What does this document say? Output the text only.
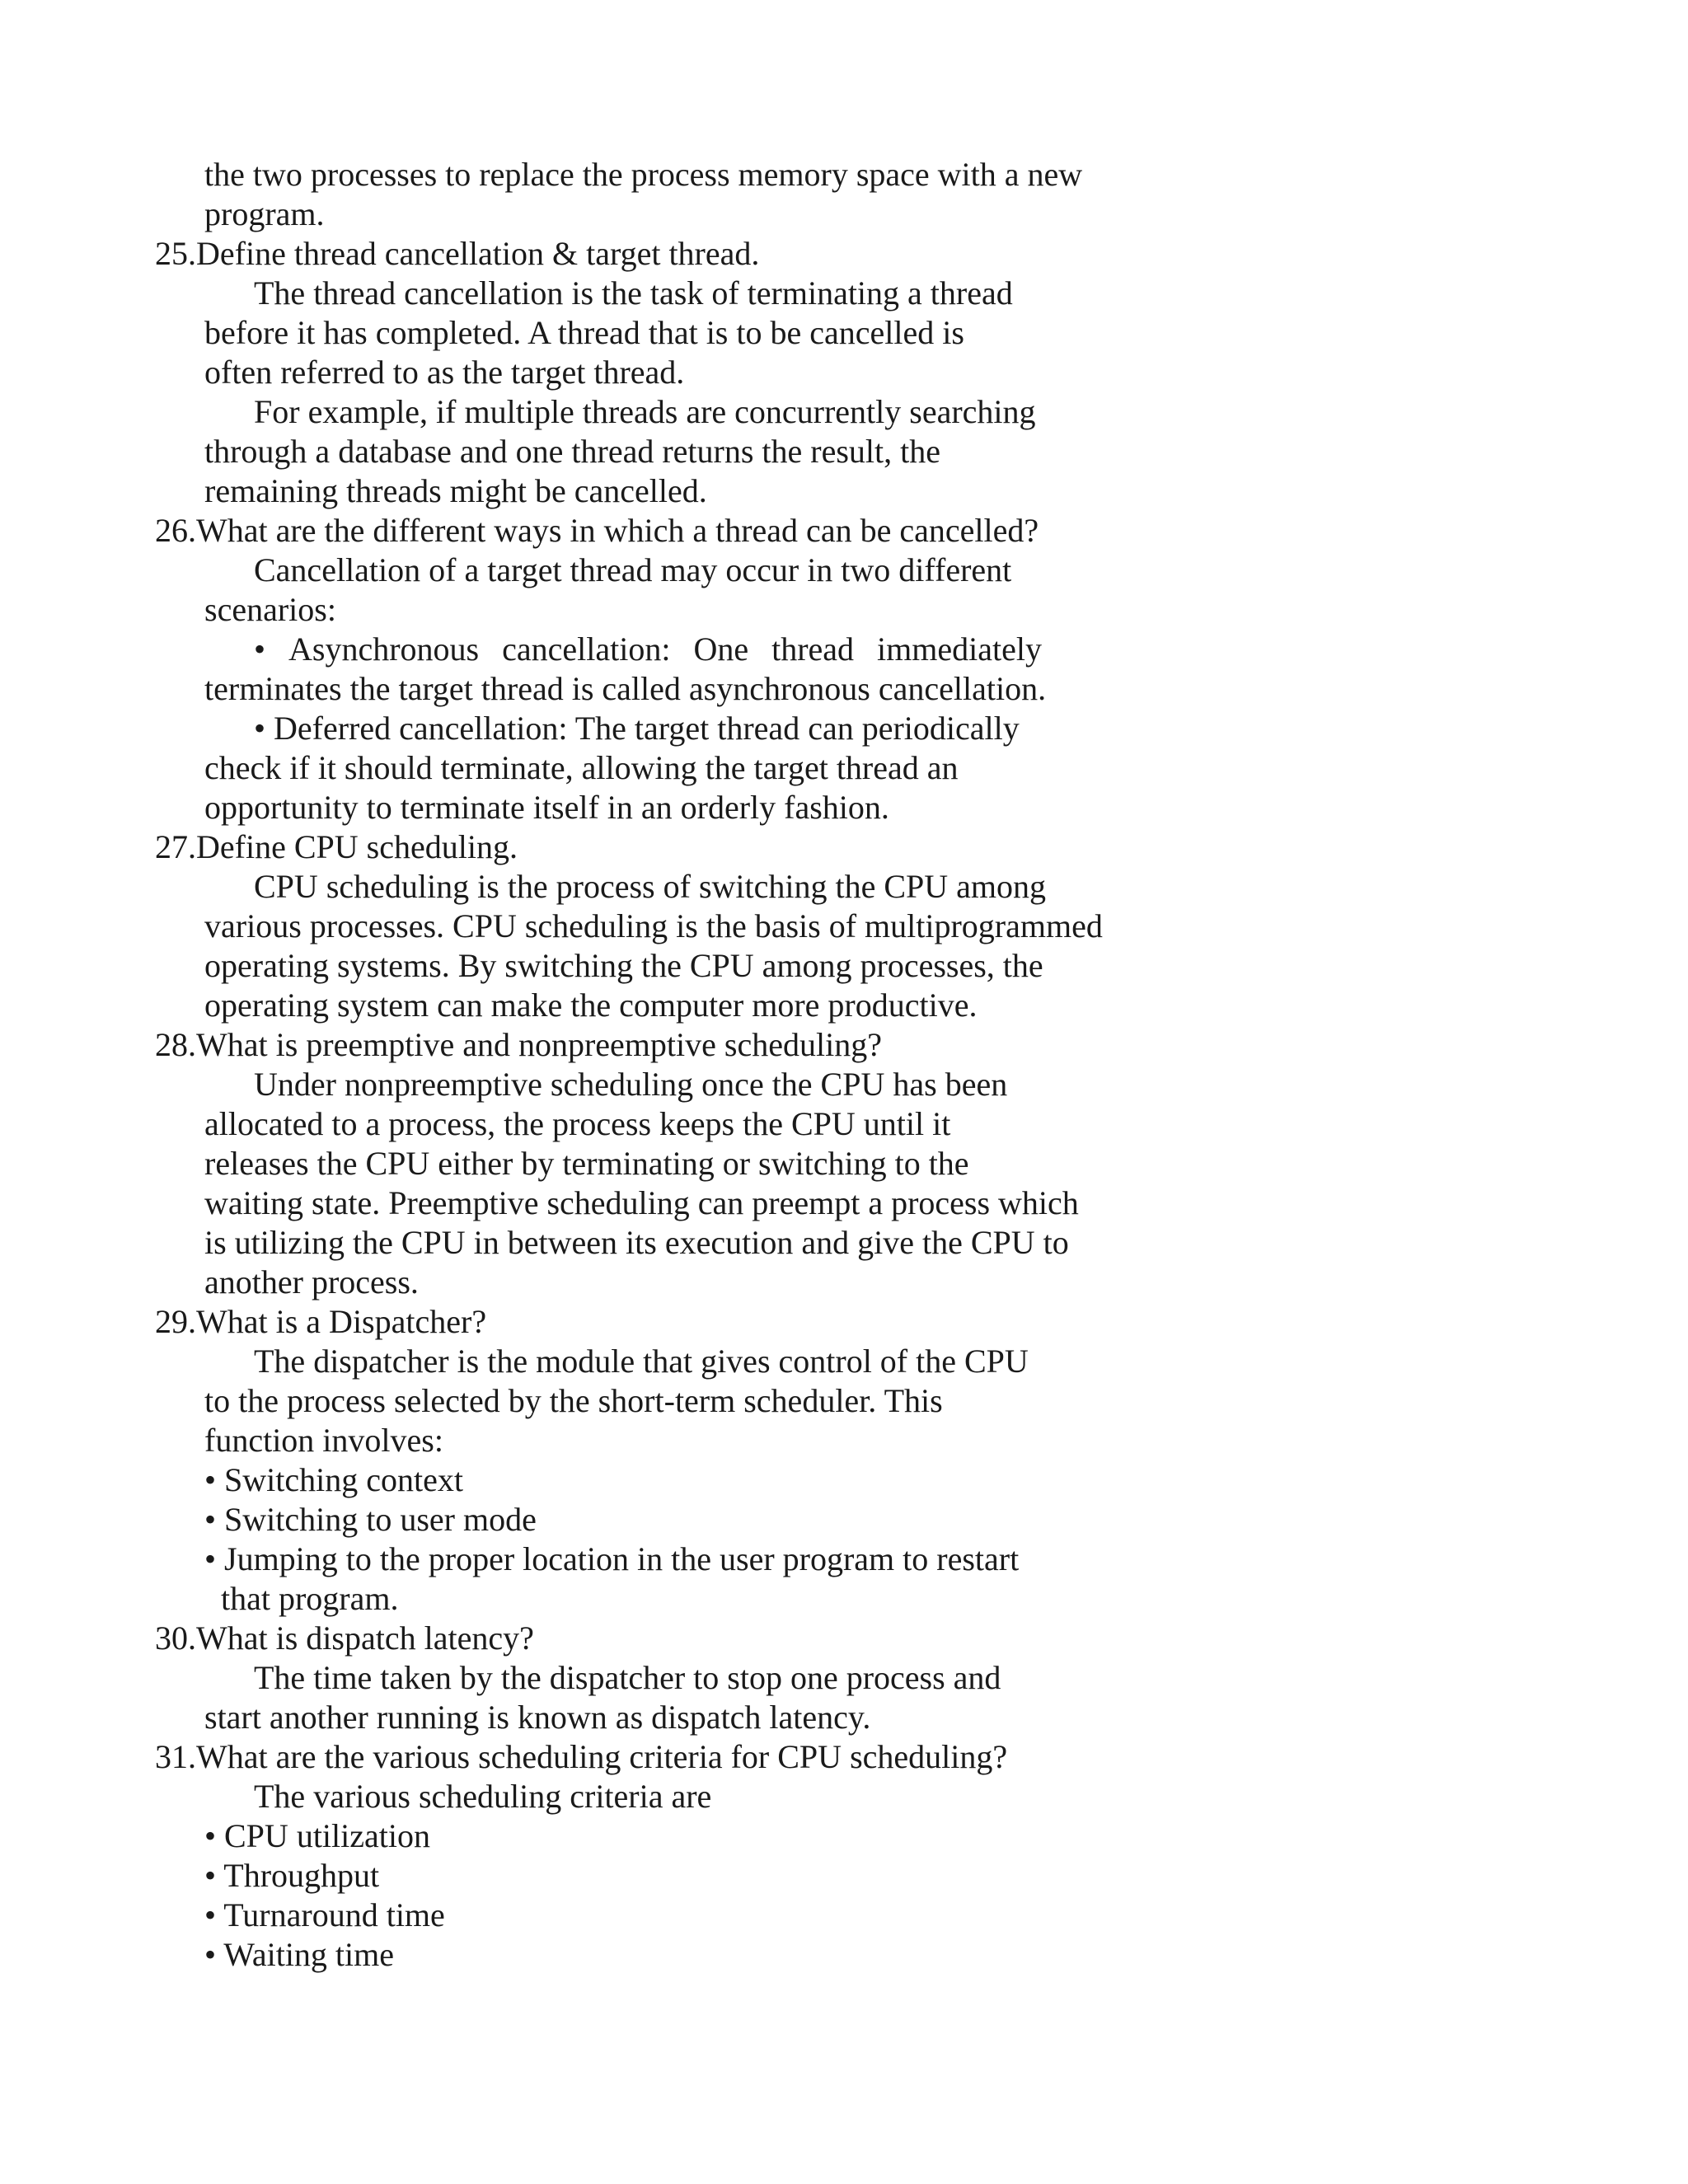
the two processes to replace the process memory space with a new
program.
25.Define thread cancellation & target thread.
The thread cancellation is the task of terminating a thread
before it has completed. A thread that is to be cancelled is
often referred to as the target thread.
For example, if multiple threads are concurrently searching
through a database and one thread returns the result, the
remaining threads might be cancelled.
26.What are the different ways in which a thread can be cancelled?
Cancellation of a target thread may occur in two different
scenarios:
• Asynchronous cancellation: One thread immediately
terminates the target thread is called asynchronous cancellation.
• Deferred cancellation: The target thread can periodically
check if it should terminate, allowing the target thread an
opportunity to terminate itself in an orderly fashion.
27.Define CPU scheduling.
CPU scheduling is the process of switching the CPU among
various processes. CPU scheduling is the basis of multiprogrammed
operating systems. By switching the CPU among processes, the
operating system can make the computer more productive.
28.What is preemptive and nonpreemptive scheduling?
Under nonpreemptive scheduling once the CPU has been
allocated to a process, the process keeps the CPU until it
releases the CPU either by terminating or switching to the
waiting state. Preemptive scheduling can preempt a process which
is utilizing the CPU in between its execution and give the CPU to
another process.
29.What is a Dispatcher?
The dispatcher is the module that gives control of the CPU
to the process selected by the short-term scheduler. This
function involves:
• Switching context
• Switching to user mode
• Jumping to the proper location in the user program to restart
that program.
30.What is dispatch latency?
The time taken by the dispatcher to stop one process and
start another running is known as dispatch latency.
31.What are the various scheduling criteria for CPU scheduling?
The various scheduling criteria are
• CPU utilization
• Throughput
• Turnaround time
• Waiting time
